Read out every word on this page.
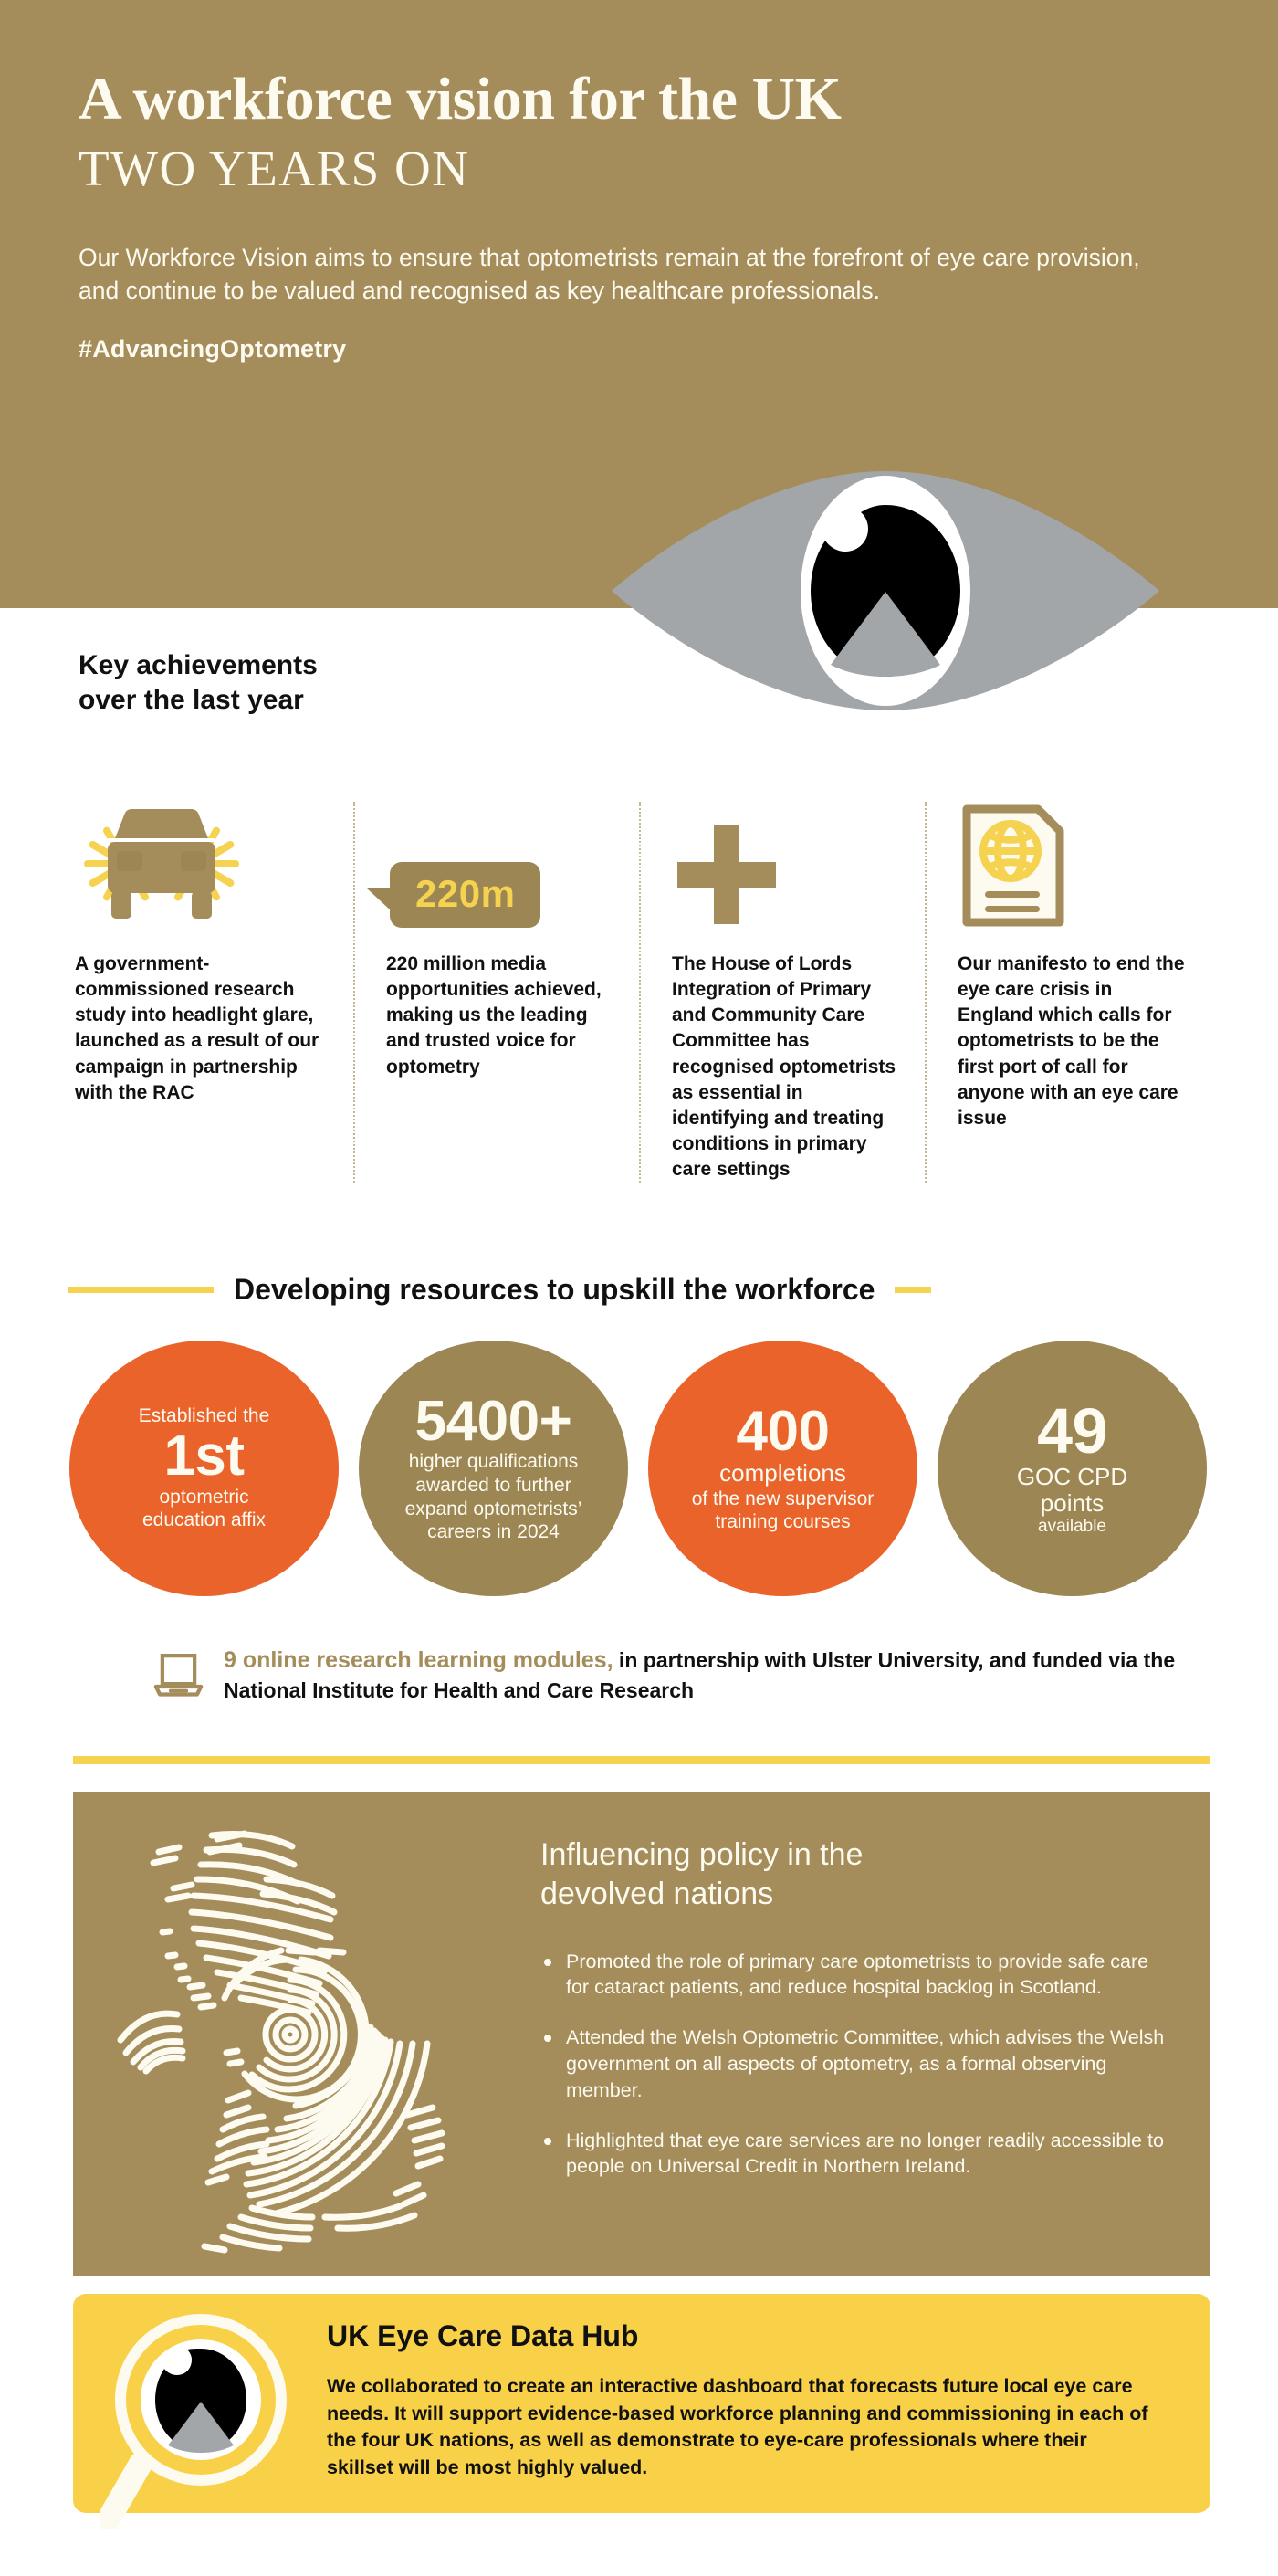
A workforce vision for the UK
TWO YEARS ON

Our Workforce Vision aims to ensure that optometrists remain at the forefront of eye care provision, and continue to be valued and recognised as key healthcare professionals.

#AdvancingOptometry
Key achievements
over the last year
A government-commissioned research study into headlight glare, launched as a result of our campaign in partnership with the RAC
220m
220 million media opportunities achieved, making us the leading and trusted voice for optometry
The House of Lords Integration of Primary and Community Care Committee has recognised optometrists as essential in identifying and treating conditions in primary care settings
Our manifesto to end the eye care crisis in England which calls for optometrists to be the first port of call for anyone with an eye care issue
Developing resources to upskill the workforce
Established the
1st
optometric
education affix
5400+
higher qualifications
awarded to further
expand optometrists’
careers in 2024
400
completions
of the new supervisor
training courses
49
GOC CPD
points
available
9 online research learning modules, in partnership with Ulster University, and funded via the National Institute for Health and Care Research
Influencing policy in the
devolved nations
Promoted the role of primary care optometrists to provide safe care for cataract patients, and reduce hospital backlog in Scotland.
Attended the Welsh Optometric Committee, which advises the Welsh government on all aspects of optometry, as a formal observing member.
Highlighted that eye care services are no longer readily accessible to people on Universal Credit in Northern Ireland.
UK Eye Care Data Hub
We collaborated to create an interactive dashboard that forecasts future local eye care needs. It will support evidence-based workforce planning and commissioning in each of the four UK nations, as well as demonstrate to eye-care professionals where their skillset will be most highly valued.
